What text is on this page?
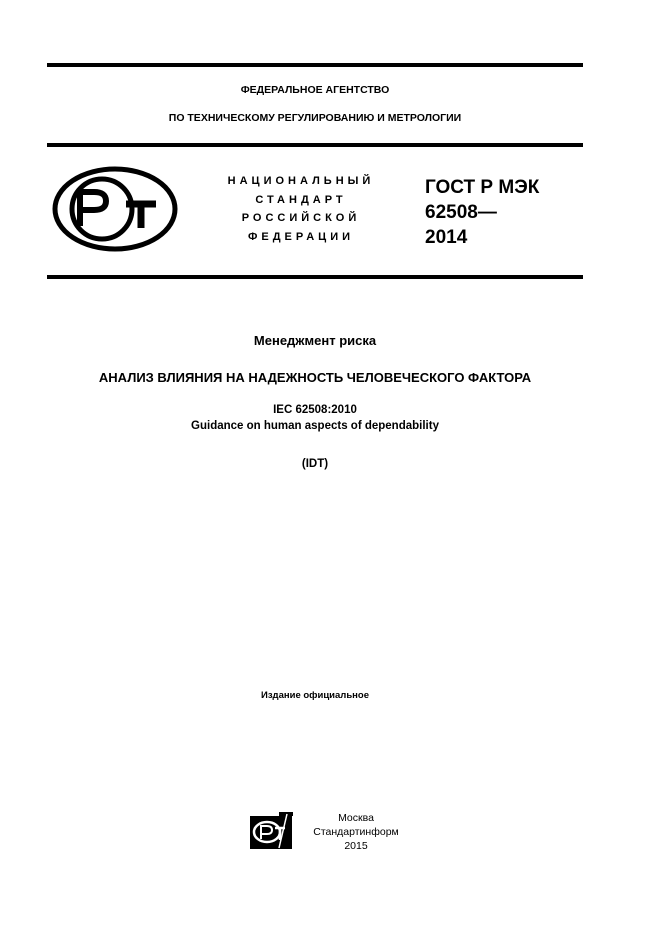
ФЕДЕРАЛЬНОЕ АГЕНТСТВО
ПО ТЕХНИЧЕСКОМУ РЕГУЛИРОВАНИЮ И МЕТРОЛОГИИ
НАЦИОНАЛЬНЫЙ
СТАНДАРТ
РОССИЙСКОЙ
ФЕДЕРАЦИИ
ГОСТ Р МЭК
62508—
2014
Менеджмент риска
АНАЛИЗ ВЛИЯНИЯ НА НАДЕЖНОСТЬ ЧЕЛОВЕЧЕСКОГО ФАКТОРА
IEC 62508:2010
Guidance on human aspects of dependability
(IDT)
Издание официальное
Москва
Стандартинформ
2015
